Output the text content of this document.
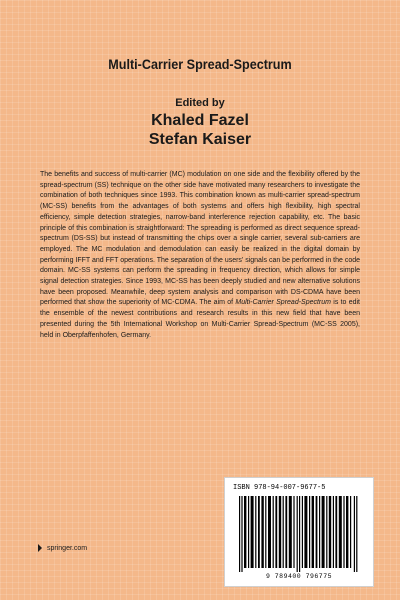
Multi-Carrier Spread-Spectrum
Edited by
Khaled Fazel
Stefan Kaiser

The benefits and success of multi-carrier (MC) modulation on one side and the flexibility offered by the spread-spectrum (SS) technique on the other side have motivated many researchers to investigate the combination of both techniques since 1993. This combination known as multi-carrier spread-spectrum (MC-SS) benefits from the advantages of both systems and offers high flexibility, high spectral efficiency, simple detection strategies, narrow-band interference rejection capability, etc. The basic principle of this combination is straightforward: The spreading is performed as direct sequence spread-spectrum (DS-SS) but instead of transmitting the chips over a single carrier, several sub-carriers are employed. The MC modulation and demodulation can easily be realized in the digital domain by performing IFFT and FFT operations. The separation of the users' signals can be performed in the code domain. MC-SS systems can perform the spreading in frequency direction, which allows for simple signal detection strategies. Since 1993, MC-SS has been deeply studied and new alternative solutions have been proposed. Meanwhile, deep system analysis and comparison with DS-CDMA have been performed that show the superiority of MC-CDMA. The aim of Multi-Carrier Spread-Spectrum is to edit the ensemble of the newest contributions and research results in this new field that have been presented during the 5th International Workshop on Multi-Carrier Spread-Spectrum (MC-SS 2005), held in Oberpfaffenhofen, Germany.

ISBN 978-94-007-9677-5
9 789400 796775
springer.com
